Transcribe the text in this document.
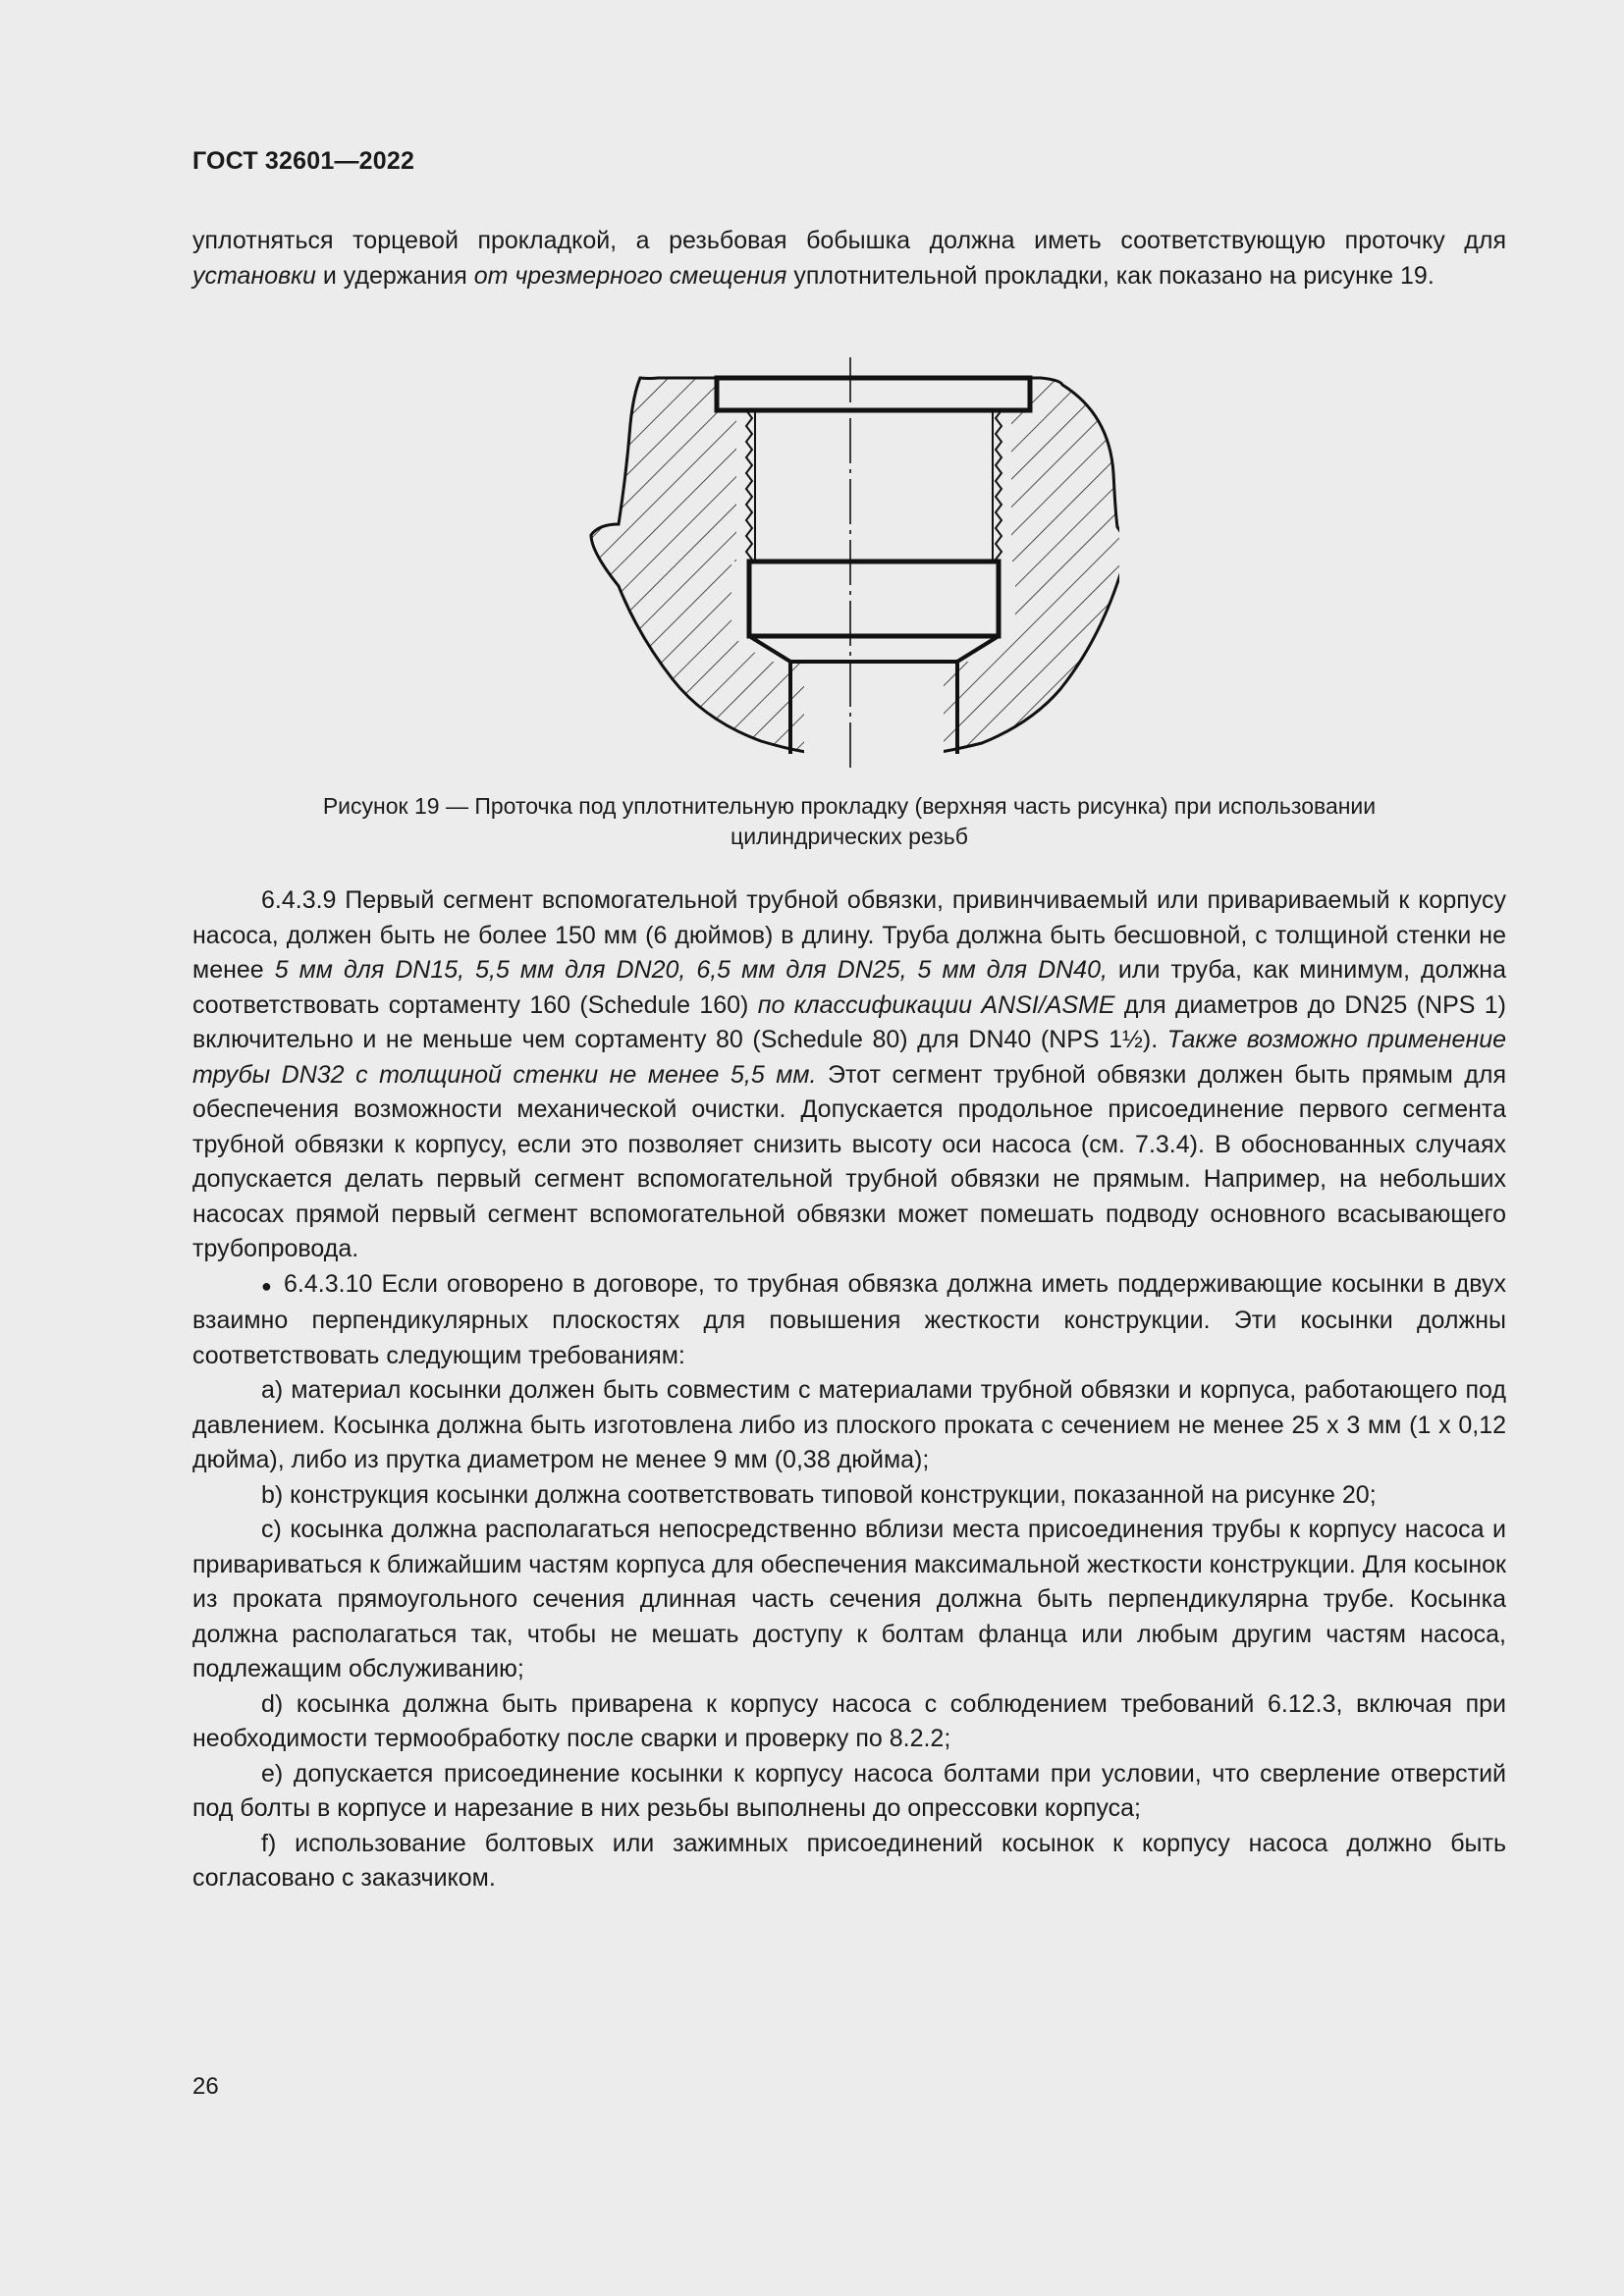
ГОСТ 32601—2022

уплотняться торцевой прокладкой, а резьбовая бобышка должна иметь соответствующую проточку для установки и удержания от чрезмерного смещения уплотнительной прокладки, как показано на рисунке 19.

Рисунок 19 — Проточка под уплотнительную прокладку (верхняя часть рисунка) при использовании

цилиндрических резьб

6.4.3.9 Первый сегмент вспомогательной трубной обвязки, привинчиваемый или привариваемый к корпусу насоса, должен быть не более 150 мм (6 дюймов) в длину. Труба должна быть бесшовной, с толщиной стенки не менее 5 мм для DN15, 5,5 мм для DN20, 6,5 мм для DN25, 5 мм для DN40, или труба, как минимум, должна соответствовать сортаменту 160 (Schedule 160) по классификации ANSI/ASME для диаметров до DN25 (NPS 1) включительно и не меньше чем сортаменту 80 (Schedule 80) для DN40 (NPS 1½). Также возможно применение трубы DN32 с толщиной стенки не менее 5,5 мм. Этот сегмент трубной обвязки должен быть прямым для обеспечения возможности механической очистки. Допускается продольное присоединение первого сегмента трубной обвязки к корпусу, если это позволяет снизить высоту оси насоса (см. 7.3.4). В обоснованных случаях допускается делать первый сегмент вспомогательной трубной обвязки не прямым. Например, на небольших насосах прямой первый сегмент вспомогательной обвязки может помешать подводу основного всасывающего трубопровода.

● 6.4.3.10 Если оговорено в договоре, то трубная обвязка должна иметь поддерживающие косынки в двух взаимно перпендикулярных плоскостях для повышения жесткости конструкции. Эти косынки должны соответствовать следующим требованиям:

а) материал косынки должен быть совместим с материалами трубной обвязки и корпуса, работающего под давлением. Косынка должна быть изготовлена либо из плоского проката с сечением не менее 25 х 3 мм (1 х 0,12 дюйма), либо из прутка диаметром не менее 9 мм (0,38 дюйма);

b) конструкция косынки должна соответствовать типовой конструкции, показанной на рисунке 20;

с) косынка должна располагаться непосредственно вблизи места присоединения трубы к корпусу насоса и привариваться к ближайшим частям корпуса для обеспечения максимальной жесткости конструкции. Для косынок из проката прямоугольного сечения длинная часть сечения должна быть перпендикулярна трубе. Косынка должна располагаться так, чтобы не мешать доступу к болтам фланца или любым другим частям насоса, подлежащим обслуживанию;

d) косынка должна быть приварена к корпусу насоса с соблюдением требований 6.12.3, включая при необходимости термообработку после сварки и проверку по 8.2.2;

е) допускается присоединение косынки к корпусу насоса болтами при условии, что сверление отверстий под болты в корпусе и нарезание в них резьбы выполнены до опрессовки корпуса;

f) использование болтовых или зажимных присоединений косынок к корпусу насоса должно быть согласовано с заказчиком.

26
